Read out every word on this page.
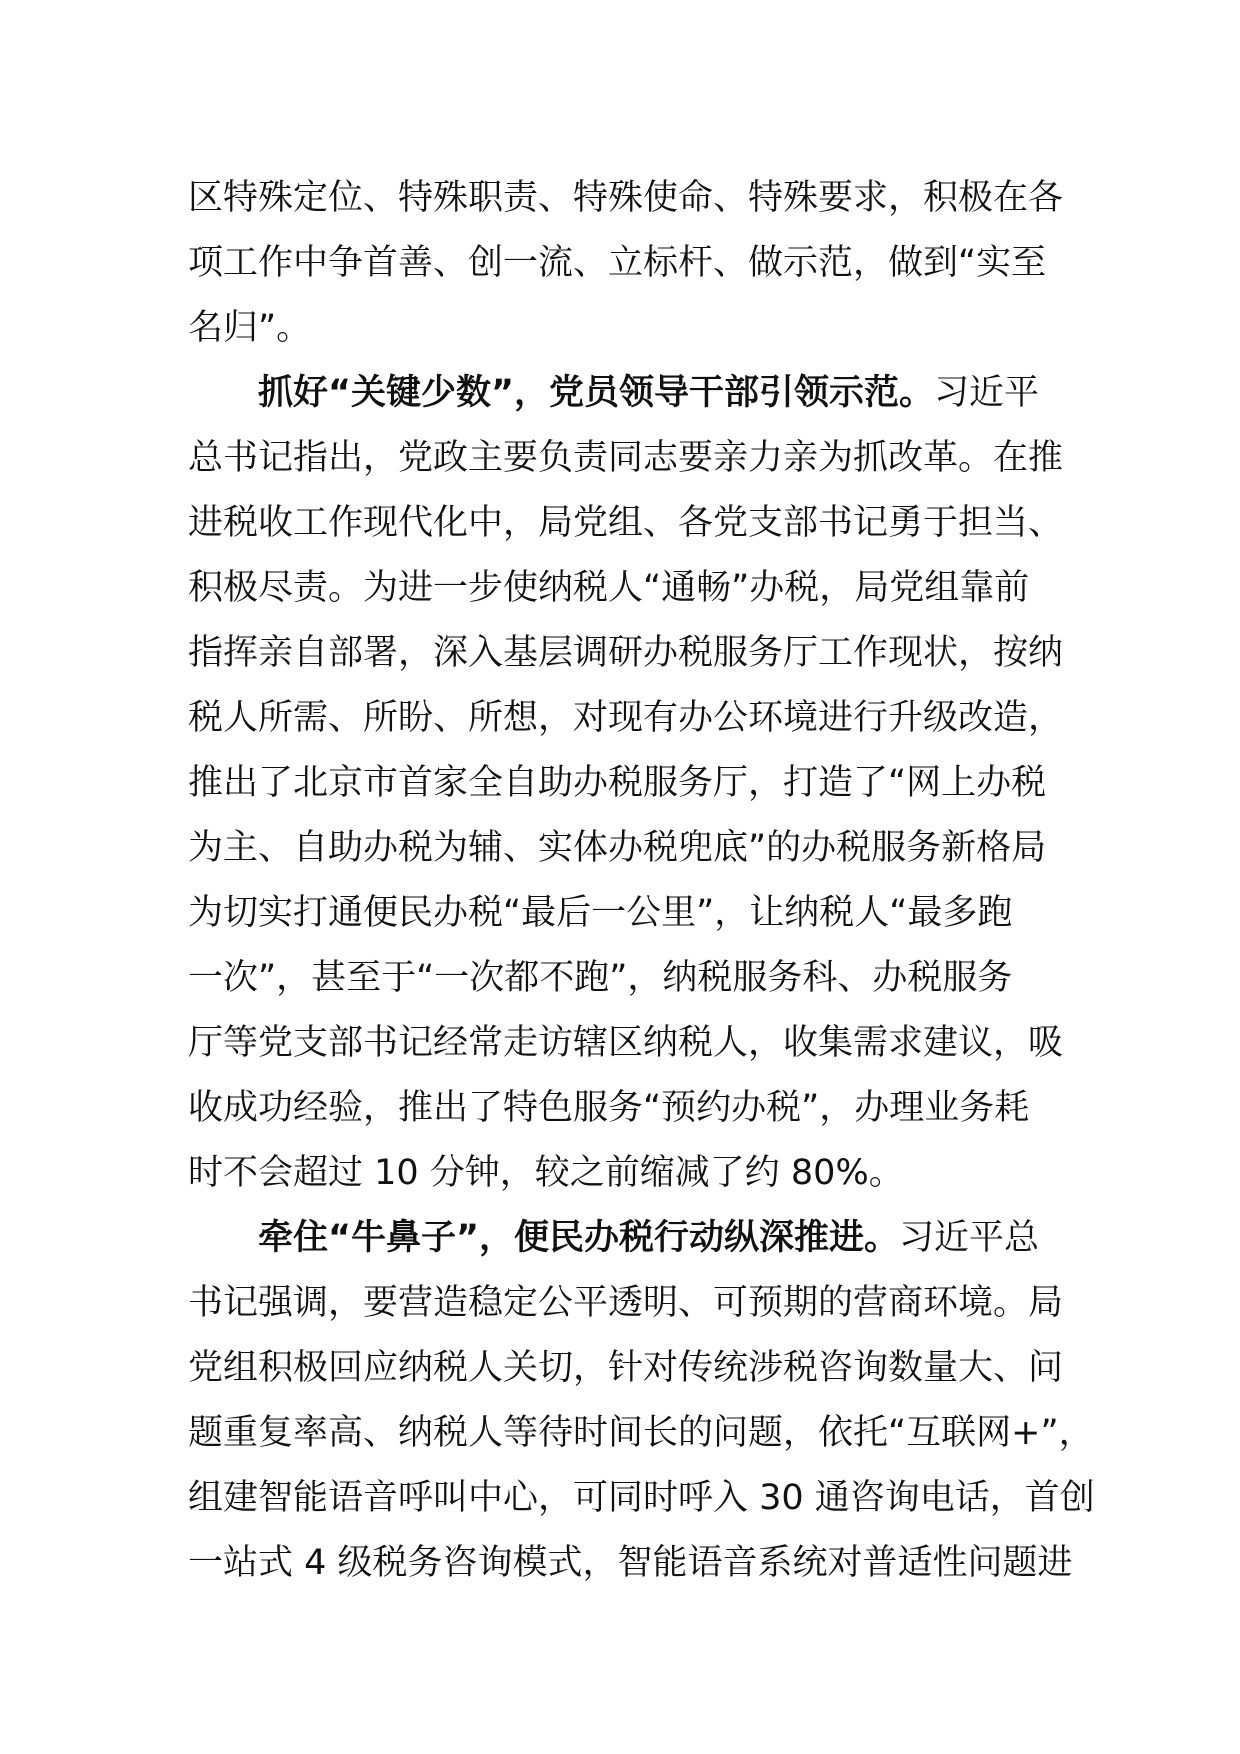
区特殊定位、特殊职责、特殊使命、特殊要求，积极在各
项工作中争首善、创一流、立标杆、做示范，做到“实至
名归”。
抓好“关键少数”，党员领导干部引领示范。习近平
总书记指出，党政主要负责同志要亲力亲为抓改革。在推
进税收工作现代化中，局党组、各党支部书记勇于担当、
积极尽责。为进一步使纳税人“通畅”办税，局党组靠前
指挥亲自部署，深入基层调研办税服务厅工作现状，按纳
税人所需、所盼、所想，对现有办公环境进行升级改造，
推出了北京市首家全自助办税服务厅，打造了“网上办税
为主、自助办税为辅、实体办税兜底”的办税服务新格局
为切实打通便民办税“最后一公里”，让纳税人“最多跑
一次”，甚至于“一次都不跑”，纳税服务科、办税服务
厅等党支部书记经常走访辖区纳税人，收集需求建议，吸
收成功经验，推出了特色服务“预约办税”，办理业务耗
时不会超过 10 分钟，较之前缩减了约 80%。
牵住“牛鼻子”，便民办税行动纵深推进。习近平总
书记强调，要营造稳定公平透明、可预期的营商环境。局
党组积极回应纳税人关切，针对传统涉税咨询数量大、问
题重复率高、纳税人等待时间长的问题，依托“互联网+”，
组建智能语音呼叫中心，可同时呼入 30 通咨询电话，首创
一站式 4 级税务咨询模式，智能语音系统对普适性问题进
